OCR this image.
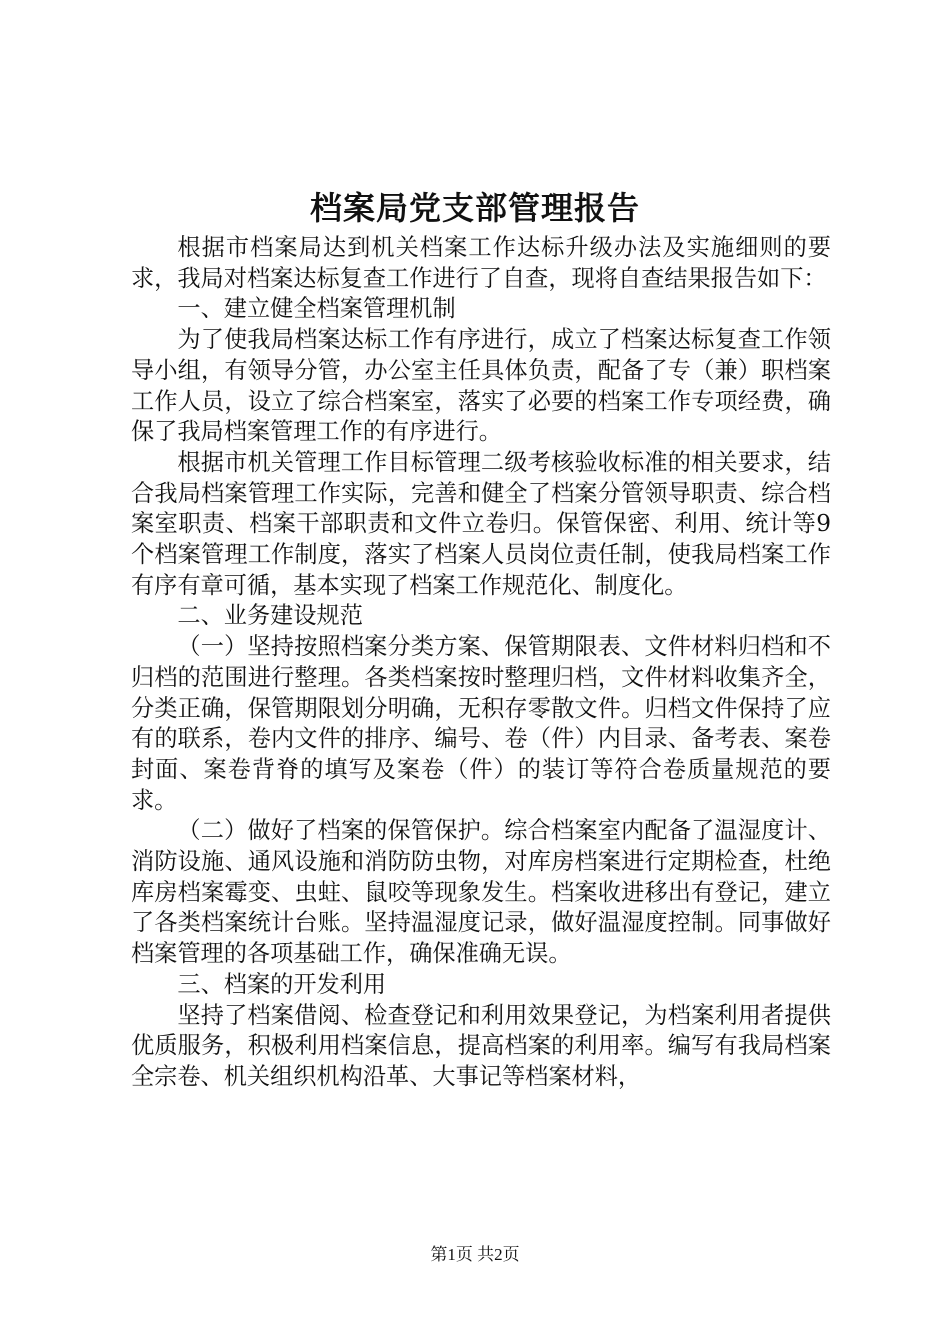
档案局党支部管理报告

根据市档案局达到机关档案工作达标升级办法及实施细则的要求，我局对档案达标复查工作进行了自查，现将自查结果报告如下：

一、建立健全档案管理机制

为了使我局档案达标工作有序进行，成立了档案达标复查工作领导小组，有领导分管，办公室主任具体负责，配备了专（兼）职档案工作人员，设立了综合档案室，落实了必要的档案工作专项经费，确保了我局档案管理工作的有序进行。

根据市机关管理工作目标管理二级考核验收标准的相关要求，结合我局档案管理工作实际，完善和健全了档案分管领导职责、综合档案室职责、档案干部职责和文件立卷归。保管保密、利用、统计等9个档案管理工作制度，落实了档案人员岗位责任制，使我局档案工作有序有章可循，基本实现了档案工作规范化、制度化。

二、业务建设规范

（一）坚持按照档案分类方案、保管期限表、文件材料归档和不归档的范围进行整理。各类档案按时整理归档，文件材料收集齐全，分类正确，保管期限划分明确，无积存零散文件。归档文件保持了应有的联系，卷内文件的排序、编号、卷（件）内目录、备考表、案卷封面、案卷背脊的填写及案卷（件）的装订等符合卷质量规范的要求。

（二）做好了档案的保管保护。综合档案室内配备了温湿度计、消防设施、通风设施和消防防虫物，对库房档案进行定期检查，杜绝库房档案霉变、虫蛀、鼠咬等现象发生。档案收进移出有登记，建立了各类档案统计台账。坚持温湿度记录，做好温湿度控制。同事做好档案管理的各项基础工作，确保准确无误。

三、档案的开发利用

坚持了档案借阅、检查登记和利用效果登记，为档案利用者提供优质服务，积极利用档案信息，提高档案的利用率。编写有我局档案全宗卷、机关组织机构沿革、大事记等档案材料，

第1页 共2页
